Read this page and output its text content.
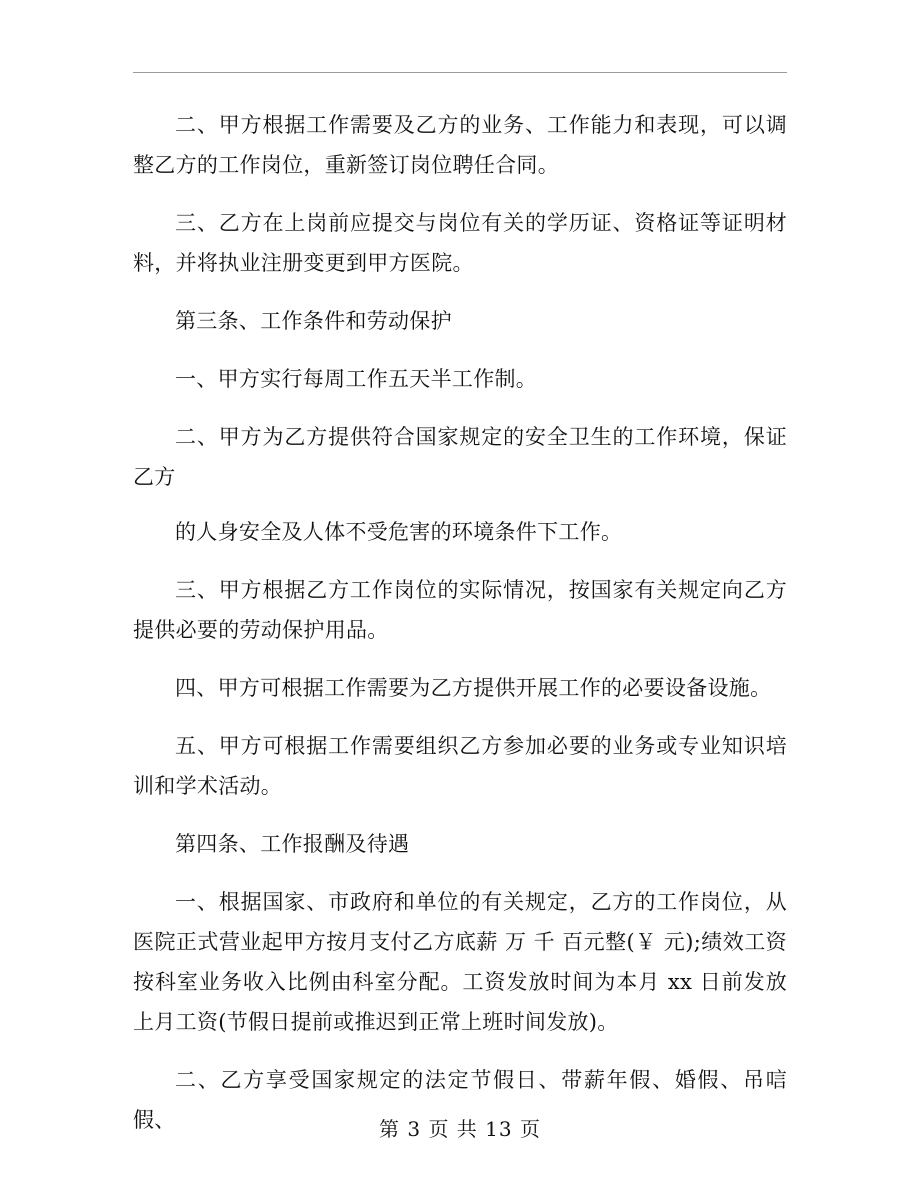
二、甲方根据工作需要及乙方的业务、工作能力和表现，可以调整乙方的工作岗位，重新签订岗位聘任合同。

三、乙方在上岗前应提交与岗位有关的学历证、资格证等证明材料，并将执业注册变更到甲方医院。

第三条、工作条件和劳动保护

一、甲方实行每周工作五天半工作制。

二、甲方为乙方提供符合国家规定的安全卫生的工作环境，保证乙方

的人身安全及人体不受危害的环境条件下工作。

三、甲方根据乙方工作岗位的实际情况，按国家有关规定向乙方提供必要的劳动保护用品。

四、甲方可根据工作需要为乙方提供开展工作的必要设备设施。

五、甲方可根据工作需要组织乙方参加必要的业务或专业知识培训和学术活动。

第四条、工作报酬及待遇

一、根据国家、市政府和单位的有关规定，乙方的工作岗位，从医院正式营业起甲方按月支付乙方底薪 万 千 百元整(￥ 元);绩效工资按科室业务收入比例由科室分配。工资发放时间为本月 xx 日前发放上月工资(节假日提前或推迟到正常上班时间发放)。

二、乙方享受国家规定的法定节假日、带薪年假、婚假、吊唁假、	第 3 页 共 13 页
